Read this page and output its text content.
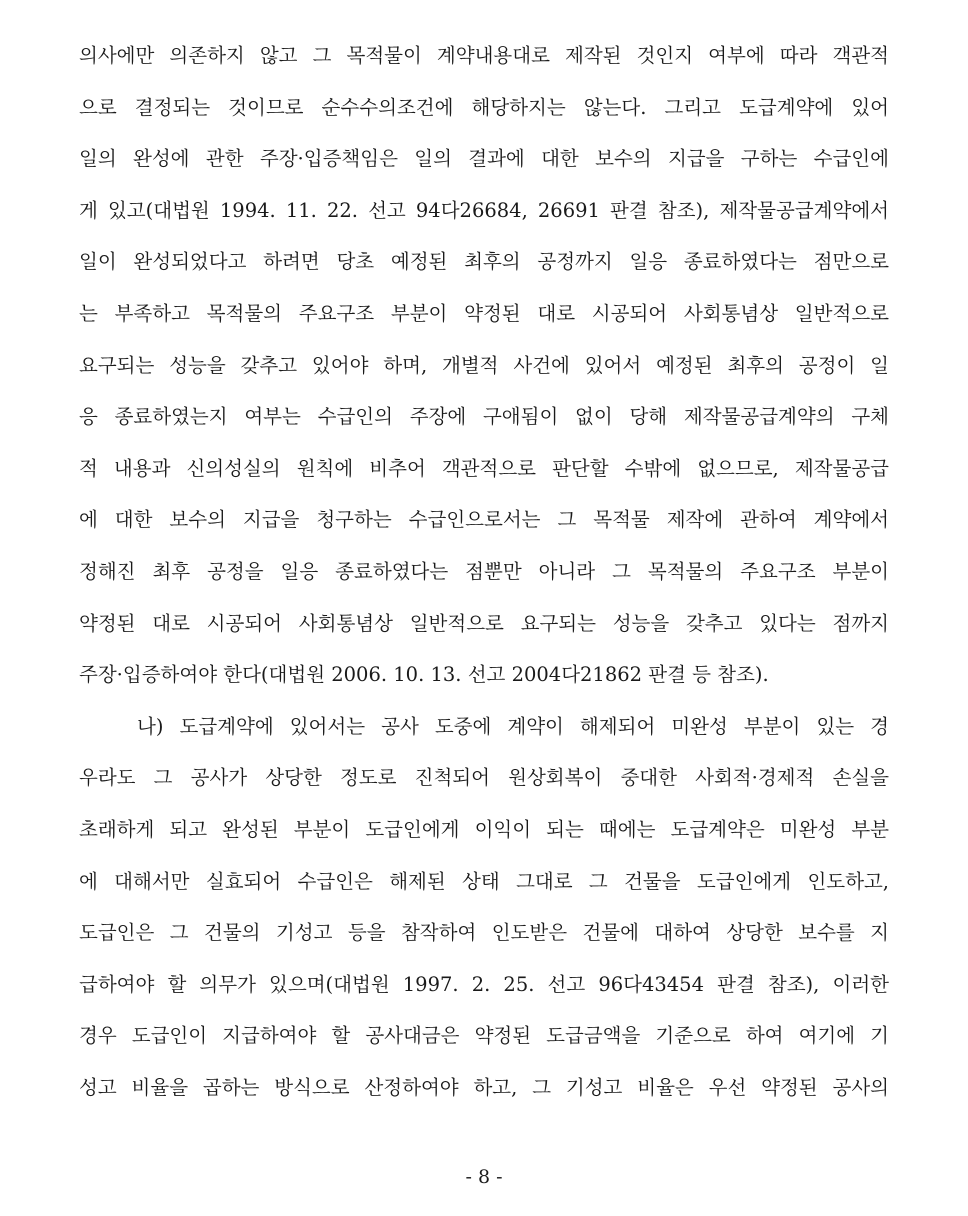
의사에만 의존하지 않고 그 목적물이 계약내용대로 제작된 것인지 여부에 따라 객관적
으로 결정되는 것이므로 순수수의조건에 해당하지는 않는다. 그리고 도급계약에 있어
일의 완성에 관한 주장·입증책임은 일의 결과에 대한 보수의 지급을 구하는 수급인에
게 있고(대법원 1994. 11. 22. 선고 94다26684, 26691 판결 참조), 제작물공급계약에서
일이 완성되었다고 하려면 당초 예정된 최후의 공정까지 일응 종료하였다는 점만으로
는 부족하고 목적물의 주요구조 부분이 약정된 대로 시공되어 사회통념상 일반적으로
요구되는 성능을 갖추고 있어야 하며, 개별적 사건에 있어서 예정된 최후의 공정이 일
응 종료하였는지 여부는 수급인의 주장에 구애됨이 없이 당해 제작물공급계약의 구체
적 내용과 신의성실의 원칙에 비추어 객관적으로 판단할 수밖에 없으므로, 제작물공급
에 대한 보수의 지급을 청구하는 수급인으로서는 그 목적물 제작에 관하여 계약에서
정해진 최후 공정을 일응 종료하였다는 점뿐만 아니라 그 목적물의 주요구조 부분이
약정된 대로 시공되어 사회통념상 일반적으로 요구되는 성능을 갖추고 있다는 점까지
주장·입증하여야 한다(대법원 2006. 10. 13. 선고 2004다21862 판결 등 참조).
나) 도급계약에 있어서는 공사 도중에 계약이 해제되어 미완성 부분이 있는 경
우라도 그 공사가 상당한 정도로 진척되어 원상회복이 중대한 사회적·경제적 손실을
초래하게 되고 완성된 부분이 도급인에게 이익이 되는 때에는 도급계약은 미완성 부분
에 대해서만 실효되어 수급인은 해제된 상태 그대로 그 건물을 도급인에게 인도하고,
도급인은 그 건물의 기성고 등을 참작하여 인도받은 건물에 대하여 상당한 보수를 지
급하여야 할 의무가 있으며(대법원 1997. 2. 25. 선고 96다43454 판결 참조), 이러한
경우 도급인이 지급하여야 할 공사대금은 약정된 도급금액을 기준으로 하여 여기에 기
성고 비율을 곱하는 방식으로 산정하여야 하고, 그 기성고 비율은 우선 약정된 공사의
- 8 -
